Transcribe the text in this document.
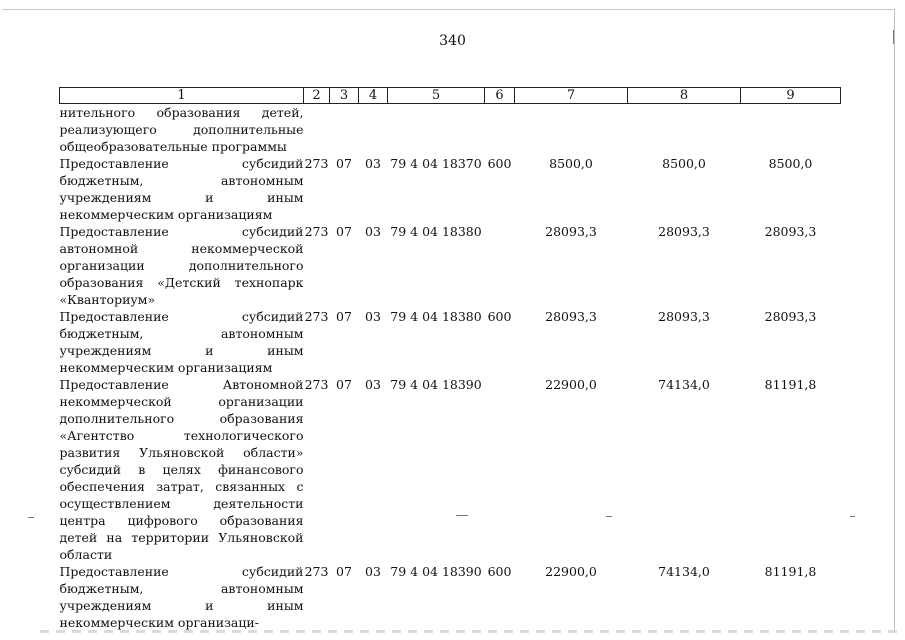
340
1	2	3	4	5	6	7	8	9
нительного образования детей, реализующего дополнительные общеобразовательные программы								
Предоставление субсидий бюджетным, автономным учреждениям и иным некоммерческим организациям	273	07	03	79 4 04 18370	600	8500,0	8500,0	8500,0
Предоставление субсидий автономной некоммерческой организации дополнительного образования «Детский технопарк «Кванториум»	273	07	03	79 4 04 18380		28093,3	28093,3	28093,3
Предоставление субсидий бюджетным, автономным учреждениям и иным некоммерческим организациям	273	07	03	79 4 04 18380	600	28093,3	28093,3	28093,3
Предоставление Автономной некоммерческой организации дополнительного образования «Агентство технологического развития Ульяновской области» субсидий в целях финансового обеспечения затрат, связанных с осуществлением деятельности центра цифрового образования детей на территории Ульяновской области	273	07	03	79 4 04 18390		22900,0	74134,0	81191,8
Предоставление субсидий бюджетным, автономным учреждениям и иным некоммерческим организаци-	273	07	03	79 4 04 18390	600	22900,0	74134,0	81191,8
